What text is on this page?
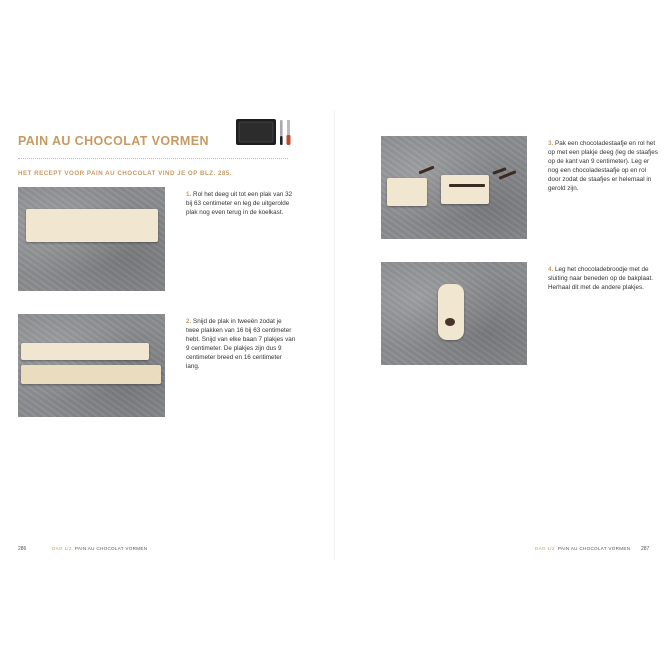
PAIN AU CHOCOLAT VORMEN
HET RECEPT VOOR PAIN AU CHOCOLAT VIND JE OP BLZ. 285.
1. Rol het deeg uit tot een plak van 32 bij 63 centimeter en leg de uitgerolde plak nog even terug in de koelkast.
2. Snijd de plak in tweeën zodat je twee plakken van 16 bij 63 centimeter hebt. Snijd van elke baan 7 plakjes van 9 centimeter. De plakjes zijn dus 9 centimeter breed en 16 centimeter lang.
286	DAG 1/2 PAIN AU CHOCOLAT VORMEN
3. Pak een chocoladestaafje en rol het op met een plakje deeg (leg de staafjes op de kant van 9 centimeter). Leg er nog een chocoladestaafje op en rol door zodat de staafjes er helemaal in gerold zijn.
4. Leg het chocoladebroodje met de sluiting naar beneden op de bakplaat. Herhaal dit met de andere plakjes.
DAG 1/2 PAIN AU CHOCOLAT VORMEN 287
